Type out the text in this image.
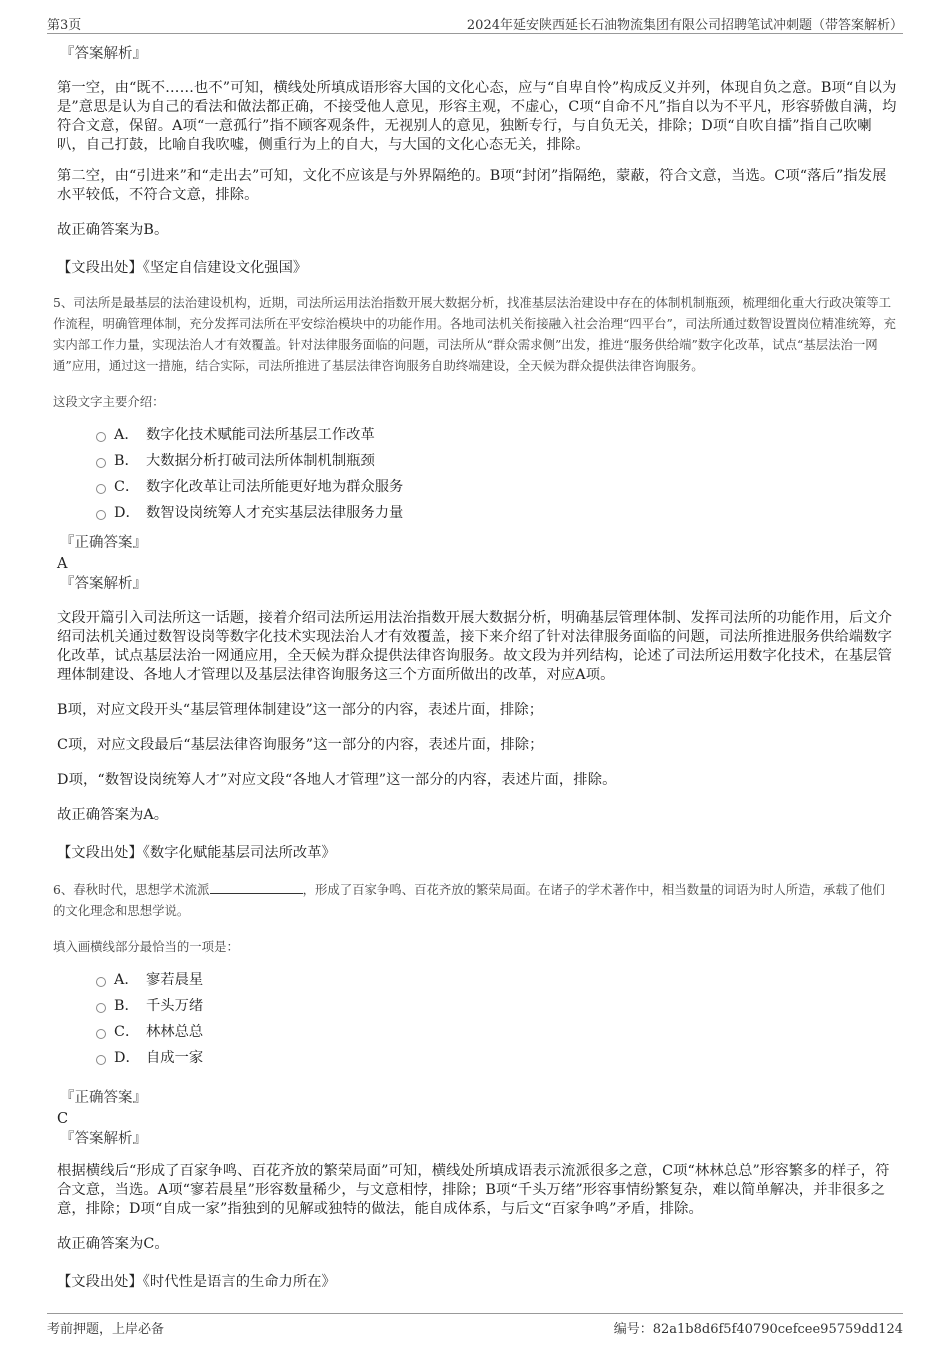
第3页	2024年延安陕西延长石油物流集团有限公司招聘笔试冲刺题（带答案解析）
『答案解析』

第一空，由“既不……也不”可知，横线处所填成语形容大国的文化心态，应与“自卑自怜”构成反义并列，体现自负之意。B项“自以为是”意思是认为自己的看法和做法都正确，不接受他人意见，形容主观，不虚心，C项“自命不凡”指自以为不平凡，形容骄傲自满，均符合文意，保留。A项“一意孤行”指不顾客观条件，无视别人的意见，独断专行，与自负无关，排除；D项“自吹自擂”指自己吹喇叭，自己打鼓，比喻自我吹嘘，侧重行为上的自大，与大国的文化心态无关，排除。

第二空，由“引进来”和“走出去”可知，文化不应该是与外界隔绝的。B项“封闭”指隔绝，蒙蔽，符合文意，当选。C项“落后”指发展水平较低，不符合文意，排除。

故正确答案为B。

【文段出处】《坚定自信建设文化强国》

5、司法所是最基层的法治建设机构，近期，司法所运用法治指数开展大数据分析，找准基层法治建设中存在的体制机制瓶颈，梳理细化重大行政决策等工作流程，明确管理体制，充分发挥司法所在平安综治模块中的功能作用。各地司法机关衔接融入社会治理“四平台”，司法所通过数智设置岗位精准统筹，充实内部工作力量，实现法治人才有效覆盖。针对法律服务面临的问题，司法所从“群众需求侧”出发，推进“服务供给端”数字化改革，试点“基层法治一网通”应用，通过这一措施，结合实际，司法所推进了基层法律咨询服务自助终端建设，全天候为群众提供法律咨询服务。

这段文字主要介绍：

A． 数字化技术赋能司法所基层工作改革
B． 大数据分析打破司法所体制机制瓶颈
C． 数字化改革让司法所能更好地为群众服务
D． 数智设岗统筹人才充实基层法律服务力量
『正确答案』
A
『答案解析』

文段开篇引入司法所这一话题，接着介绍司法所运用法治指数开展大数据分析，明确基层管理体制、发挥司法所的功能作用，后文介绍司法机关通过数智设岗等数字化技术实现法治人才有效覆盖，接下来介绍了针对法律服务面临的问题，司法所推进服务供给端数字化改革，试点基层法治一网通应用，全天候为群众提供法律咨询服务。故文段为并列结构，论述了司法所运用数字化技术，在基层管理体制建设、各地人才管理以及基层法律咨询服务这三个方面所做出的改革，对应A项。

B项，对应文段开头“基层管理体制建设”这一部分的内容，表述片面，排除；

C项，对应文段最后“基层法律咨询服务”这一部分的内容，表述片面，排除；

D项，“数智设岗统筹人才”对应文段“各地人才管理”这一部分的内容，表述片面，排除。

故正确答案为A。

【文段出处】《数字化赋能基层司法所改革》

6、春秋时代，思想学术流派	，形成了百家争鸣、百花齐放的繁荣局面。在诸子的学术著作中，相当数量的词语为时人所造，承载了他们的文化理念和思想学说。

填入画横线部分最恰当的一项是：

A． 寥若晨星
B． 千头万绪
C． 林林总总
D． 自成一家
『正确答案』
C
『答案解析』

根据横线后“形成了百家争鸣、百花齐放的繁荣局面”可知，横线处所填成语表示流派很多之意，C项“林林总总”形容繁多的样子，符合文意，当选。A项“寥若晨星”形容数量稀少，与文意相悖，排除；B项“千头万绪”形容事情纷繁复杂，难以简单解决，并非很多之意，排除；D项“自成一家”指独到的见解或独特的做法，能自成体系，与后文“百家争鸣”矛盾，排除。

故正确答案为C。

【文段出处】《时代性是语言的生命力所在》

考前押题，上岸必备	编号：82a1b8d6f5f40790cefcee95759dd124
